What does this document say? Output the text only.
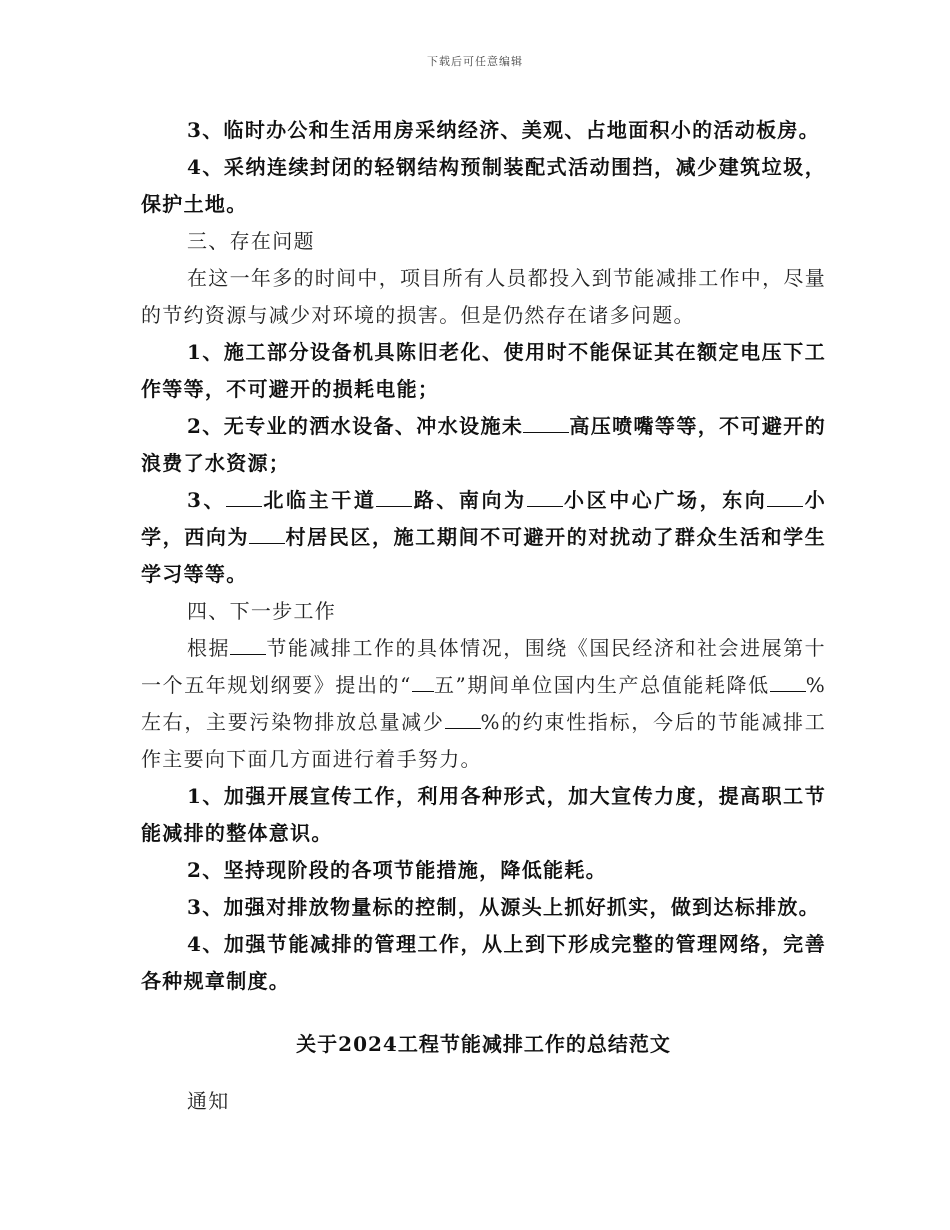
下载后可任意编辑

3、临时办公和生活用房采纳经济、美观、占地面积小的活动板房。

4、采纳连续封闭的轻钢结构预制装配式活动围挡，减少建筑垃圾，保护土地。

三、存在问题

在这一年多的时间中，项目所有人员都投入到节能减排工作中，尽量的节约资源与减少对环境的损害。但是仍然存在诸多问题。

1、施工部分设备机具陈旧老化、使用时不能保证其在额定电压下工作等等，不可避开的损耗电能；

2、无专业的洒水设备、冲水设施未 高压喷嘴等等，不可避开的浪费了水资源；

3、 北临主干道 路、南向为 小区中心广场，东向 小学，西向为 村居民区，施工期间不可避开的对扰动了群众生活和学生学习等等。

四、下一步工作

根据 节能减排工作的具体情况，围绕《国民经济和社会进展第十一个五年规划纲要》提出的“ 五”期间单位国内生产总值能耗降低 %左右，主要污染物排放总量减少 %的约束性指标，今后的节能减排工作主要向下面几方面进行着手努力。

1、加强开展宣传工作，利用各种形式，加大宣传力度，提高职工节能减排的整体意识。

2、坚持现阶段的各项节能措施，降低能耗。

3、加强对排放物量标的控制，从源头上抓好抓实，做到达标排放。

4、加强节能减排的管理工作，从上到下形成完整的管理网络，完善各种规章制度。

关于2024工程节能减排工作的总结范文

通知
